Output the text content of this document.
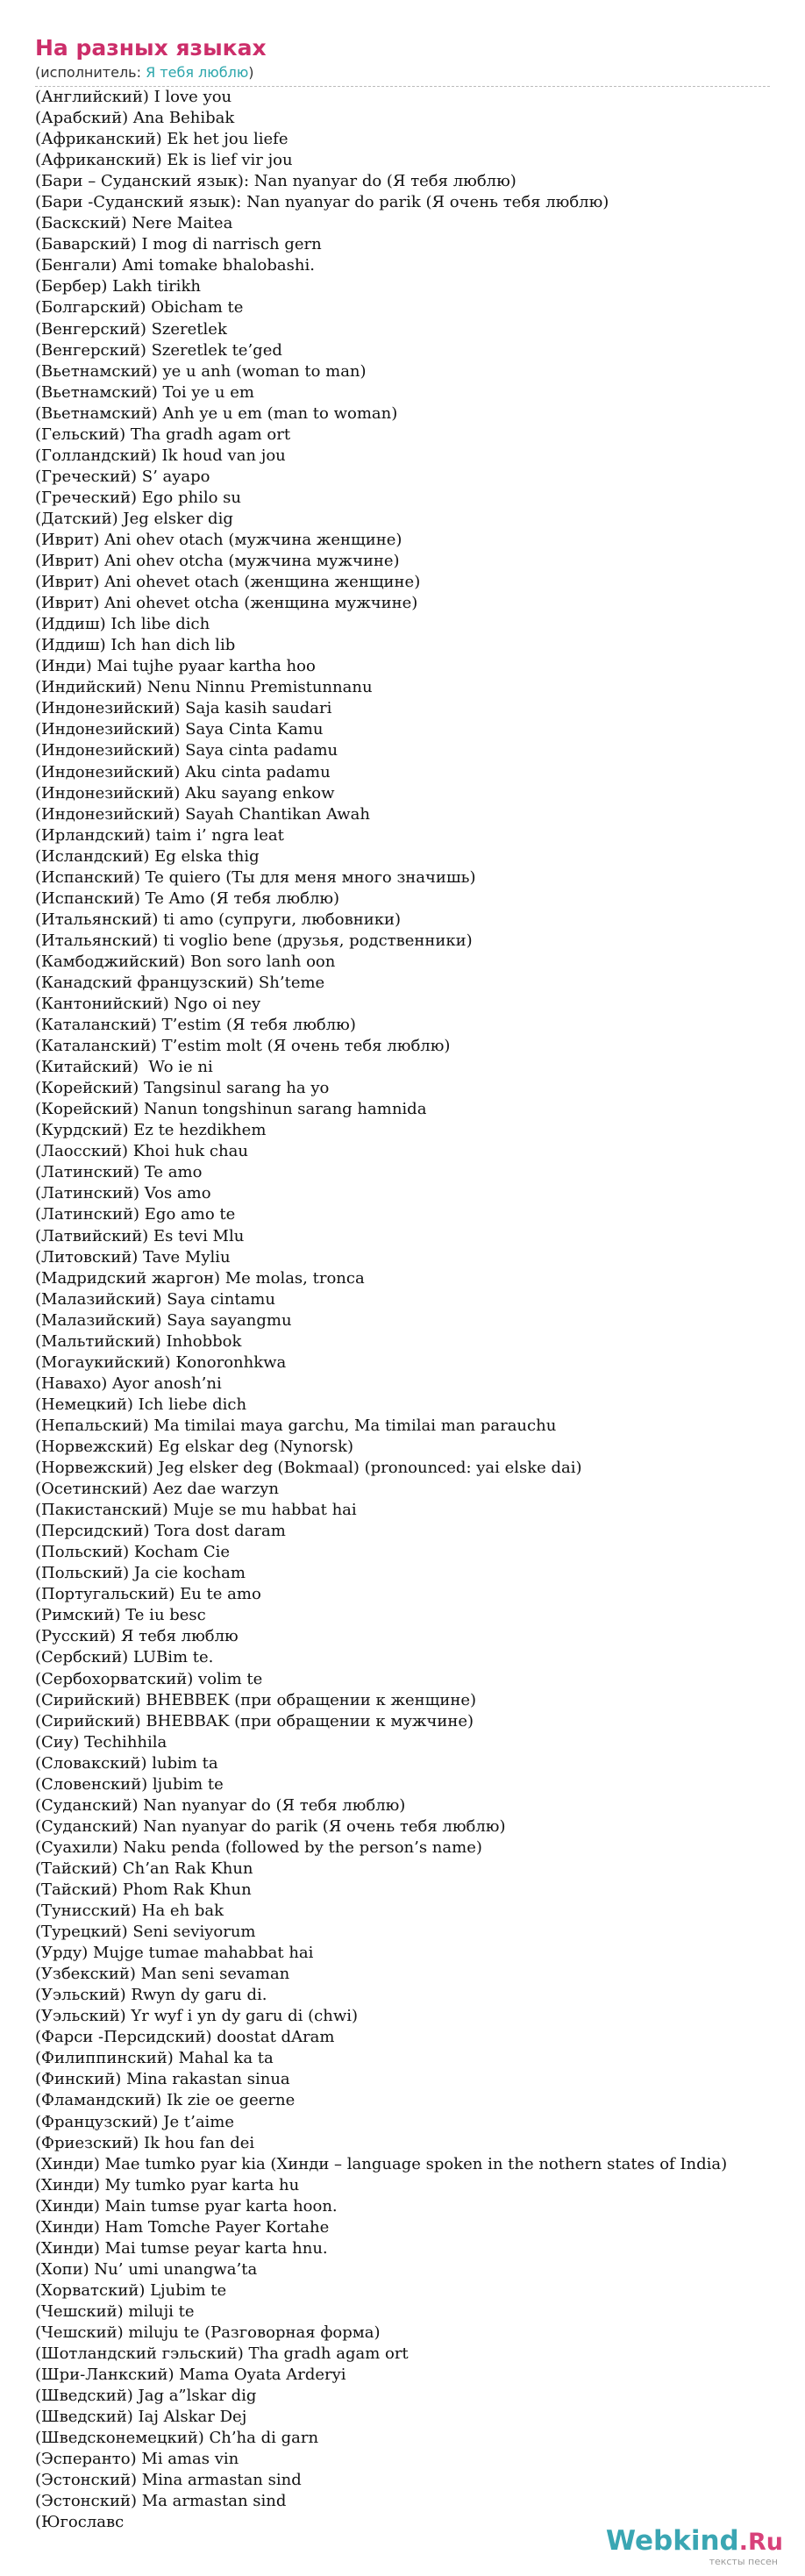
На разных языках
(исполнитель: Я тебя люблю)
(Английский) I love you
(Арабский) Ana Behibak
(Африканский) Ek het jou liefe
(Африканский) Ek is lief vir jou
(Бари – Суданский язык): Nan nyanyar do (Я тебя люблю)
(Бари -Суданский язык): Nan nyanyar do parik (Я очень тебя люблю)
(Баскский) Nere Maitea
(Баварский) I mog di narrisch gern
(Бенгали) Ami tomake bhalobashi.
(Бербер) Lakh tirikh
(Болгарский) Obicham te
(Венгерский) Szeretlek
(Венгерский) Szeretlek te’ged
(Вьетнамский) ye u anh (woman to man)
(Вьетнамский) Toi ye u em
(Вьетнамский) Anh ye u em (man to woman)
(Гельский) Tha gradh agam ort
(Голландский) Ik houd van jou
(Греческий) S’ ayapo
(Греческий) Ego philo su
(Датский) Jeg elsker dig
(Иврит) Ani ohev otach (мужчина женщине)
(Иврит) Ani ohev otcha (мужчина мужчине)
(Иврит) Ani ohevet otach (женщина женщине)
(Иврит) Ani ohevet otcha (женщина мужчине)
(Иддиш) Ich libe dich
(Иддиш) Ich han dich lib
(Инди) Mai tujhe pyaar kartha hoo
(Индийский) Nenu Ninnu Premistunnanu
(Индонезийский) Saja kasih saudari
(Индонезийский) Saya Cinta Kamu
(Индонезийский) Saya cinta padamu
(Индонезийский) Aku cinta padamu
(Индонезийский) Aku sayang enkow
(Индонезийский) Sayah Chantikan Awah
(Ирландский) taim i’ ngra leat
(Исландский) Eg elska thig
(Испанский) Te quiero (Ты для меня много значишь)
(Испанский) Te Amo (Я тебя люблю)
(Итальянский) ti amo (супруги, любовники)
(Итальянский) ti voglio bene (друзья, родственники)
(Камбоджийский) Bon soro lanh oon
(Канадский французский) Sh’teme
(Кантонийский) Ngo oi ney
(Каталанский) T’estim (Я тебя люблю)
(Каталанский) T’estim molt (Я очень тебя люблю)
(Китайский)  Wo ie ni
(Корейский) Tangsinul sarang ha yo
(Корейский) Nanun tongshinun sarang hamnida
(Курдский) Ez te hezdikhem
(Лаосский) Khoi huk chau
(Латинский) Te amo
(Латинский) Vos amo
(Латинский) Ego amo te
(Латвийский) Es tevi Mlu
(Литовский) Tave Myliu
(Мадридский жаргон) Me molas, tronca
(Малазийский) Saya cintamu
(Малазийский) Saya sayangmu
(Мальтийский) Inhobbok
(Могаукийский) Konoronhkwa
(Навахо) Ayor anosh’ni
(Немецкий) Ich liebe dich
(Непальский) Ma timilai maya garchu, Ma timilai man parauchu
(Норвежский) Eg elskar deg (Nynorsk)
(Норвежский) Jeg elsker deg (Bokmaal) (pronounced: yai elske dai)
(Осетинский) Aez dae warzyn
(Пакистанский) Muje se mu habbat hai
(Персидский) Tora dost daram
(Польский) Kocham Cie
(Польский) Ja cie kocham
(Португальский) Eu te amo
(Римский) Te iu besc
(Русский) Я тебя люблю
(Сербский) LUBim te.
(Сербохорватский) volim te
(Сирийский) BHEBBEK (при обращении к женщине)
(Сирийский) BHEBBAK (при обращении к мужчине)
(Сиу) Techihhila
(Словакский) lubim ta
(Словенский) ljubim te
(Суданский) Nan nyanyar do (Я тебя люблю)
(Суданский) Nan nyanyar do parik (Я очень тебя люблю)
(Суахили) Naku penda (followed by the person’s name)
(Тайский) Ch’an Rak Khun
(Тайский) Phom Rak Khun
(Тунисский) Ha eh bak
(Турецкий) Seni seviyorum
(Урду) Mujge tumae mahabbat hai
(Узбекский) Man seni sevaman
(Уэльский) Rwyn dy garu di.
(Уэльский) Yr wyf i yn dy garu di (chwi)
(Фарси -Персидский) doostat dAram
(Филиппинский) Mahal ka ta
(Финский) Mina rakastan sinua
(Фламандский) Ik zie oe geerne
(Французский) Je t’aime
(Фриезский) Ik hou fan dei
(Хинди) Mae tumko pyar kia (Хинди – language spoken in the nothern states of India)
(Хинди) My tumko pyar karta hu
(Хинди) Main tumse pyar karta hoon.
(Хинди) Ham Tomche Payer Kortahe
(Хинди) Mai tumse peyar karta hnu.
(Хопи) Nu’ umi unangwa’ta
(Хорватский) Ljubim te
(Чешский) miluji te
(Чешский) miluju te (Разговорная форма)
(Шотландский гэльский) Tha gradh agam ort
(Шри-Ланкский) Mama Oyata Arderyi
(Шведский) Jag a”lskar dig
(Шведский) Iaj Alskar Dej
(Шведсконемецкий) Ch’ha di garn
(Эсперанто) Mi amas vin
(Эстонский) Mina armastan sind
(Эстонский) Ma armastan sind
(Югославс
Webkind.Ru
тексты песен
